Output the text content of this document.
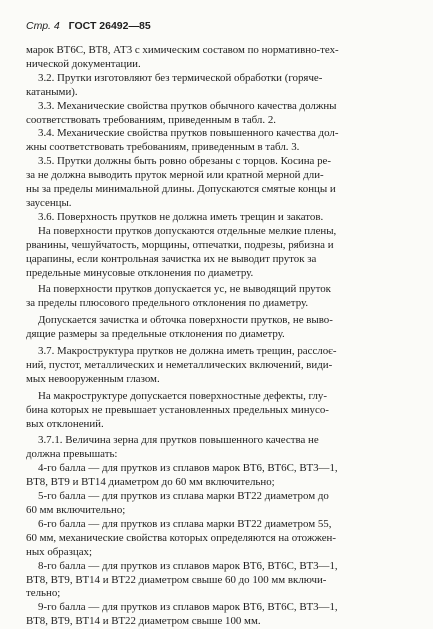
Стр. 4 ГОСТ 26492—85

марок ВТ6С, ВТ8, АТ3 с химическим составом по нормативно-тех-
нической документации.

3.2. Прутки изготовляют без термической обработки (горяче-
катаными).

3.3. Механические свойства прутков обычного качества должны
соответствовать требованиям, приведенным в табл. 2.

3.4. Механические свойства прутков повышенного качества дол-
жны соответствовать требованиям, приведенным в табл. 3.

3.5. Прутки должны быть ровно обрезаны с торцов. Косина ре-
за не должна выводить пруток мерной или кратной мерной дли-
ны за пределы минимальной длины. Допускаются смятые концы и
заусенцы.

3.6. Поверхность прутков не должна иметь трещин и закатов.

На поверхности прутков допускаются отдельные мелкие плены,
рванины, чешуйчатость, морщины, отпечатки, подрезы, рябизна и
царапины, если контрольная зачистка их не выводит пруток за
предельные минусовые отклонения по диаметру.

На поверхности прутков допускается ус, не выводящий пруток
за пределы плюсового предельного отклонения по диаметру.

Допускается зачистка и обточка поверхности прутков, не выво-
дящие размеры за предельные отклонения по диаметру.

3.7. Макроструктура прутков не должна иметь трещин, расслоє-
ний, пустот, металлических и неметаллических включений, види-
мых невооруженным глазом.

На макроструктуре допускается поверхностные дефекты, глу-
бина которых не превышает установленных предельных минусо-
вых отклонений.

3.7.1. Величина зерна для прутков повышенного качества не
должна превышать:

4-го балла — для прутков из сплавов марок ВТ6, ВТ6С, ВТ3—1,
ВТ8, ВТ9 и ВТ14 диаметром до 60 мм включительно;

5-го балла — для прутков из сплава марки ВТ22 диаметром до
60 мм включительно;

6-го балла — для прутков из сплава марки ВТ22 диаметром 55,
60 мм, механические свойства которых определяются на отожжен-
ных образцах;

8-го балла — для прутков из сплавов марок ВТ6, ВТ6С, ВТ3—1,
ВТ8, ВТ9, ВТ14 и ВТ22 диаметром свыше 60 до 100 мм включи-
тельно;

9-го балла — для прутков из сплавов марок ВТ6, ВТ6С, ВТ3—1,
ВТ8, ВТ9, ВТ14 и ВТ22 диаметром свыше 100 мм.
